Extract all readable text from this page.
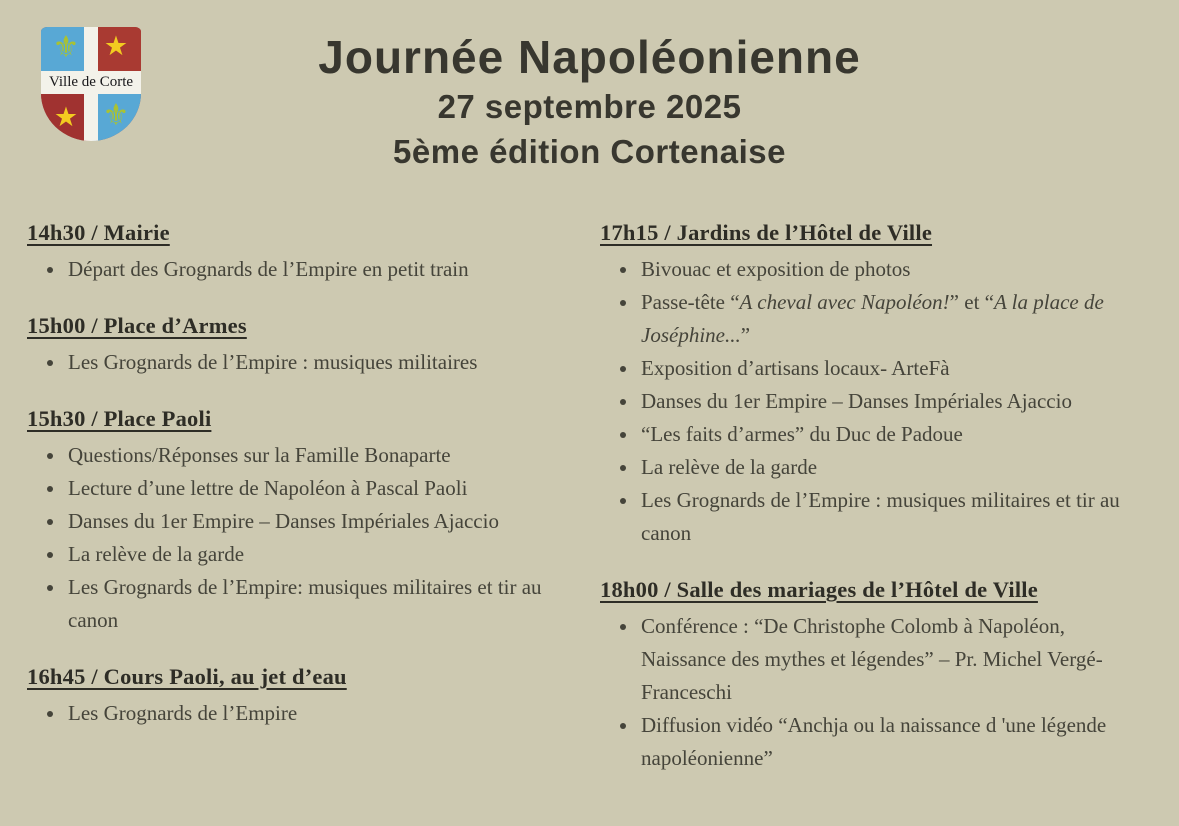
⚜ ★
★ ⚜
Ville de Corte	Journée Napoléonienne
27 septembre 2025
5ème édition Cortenaise
14h30 / Mairie
• Départ des Grognards de l’Empire en petit train
15h00 / Place d’Armes
• Les Grognards de l’Empire : musiques militaires
15h30 / Place Paoli
• Questions/Réponses sur la Famille Bonaparte
• Lecture d’une lettre de Napoléon à Pascal Paoli
• Danses du 1er Empire – Danses Impériales Ajaccio
• La relève de la garde
• Les Grognards de l’Empire: musiques militaires et tir au canon
16h45 / Cours Paoli, au jet d’eau
• Les Grognards de l’Empire
17h15 / Jardins de l’Hôtel de Ville
• Bivouac et exposition de photos
• Passe-tête “A cheval avec Napoléon!” et “A la place de Joséphine...”
• Exposition d’artisans locaux- ArteFà
• Danses du 1er Empire – Danses Impériales Ajaccio
• “Les faits d’armes” du Duc de Padoue
• La relève de la garde
• Les Grognards de l’Empire : musiques militaires et tir au canon
18h00 / Salle des mariages de l’Hôtel de Ville
• Conférence : “De Christophe Colomb à Napoléon, Naissance des mythes et légendes” – Pr. Michel Vergé-Franceschi
• Diffusion vidéo “Anchja ou la naissance d 'une légende napoléonienne”
